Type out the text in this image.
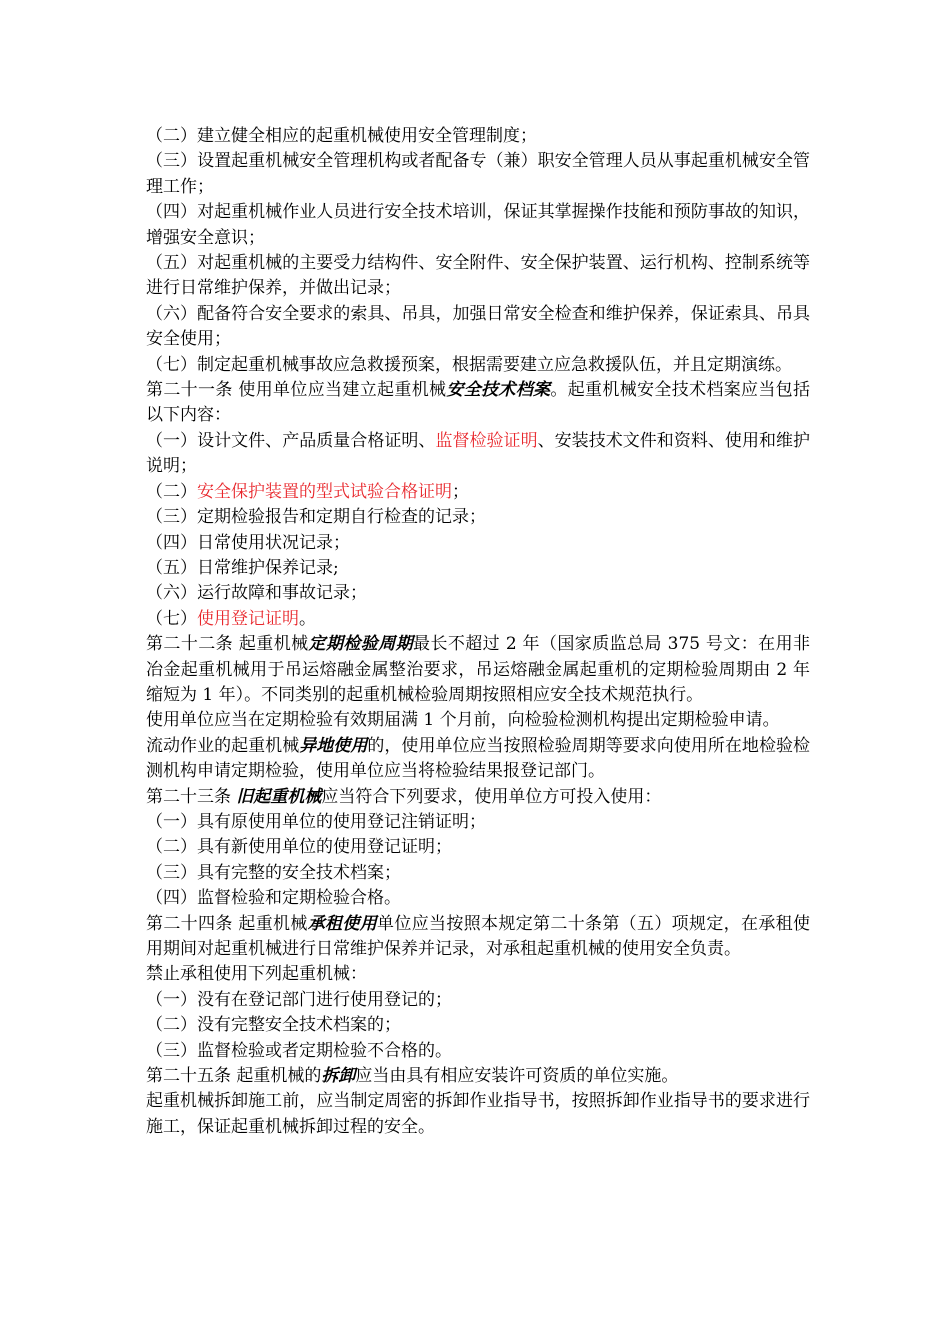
（二）建立健全相应的起重机械使用安全管理制度；

（三）设置起重机械安全管理机构或者配备专（兼）职安全管理人员从事起重机械安全管理工作；

（四）对起重机械作业人员进行安全技术培训，保证其掌握操作技能和预防事故的知识，增强安全意识；

（五）对起重机械的主要受力结构件、安全附件、安全保护装置、运行机构、控制系统等进行日常维护保养，并做出记录；

（六）配备符合安全要求的索具、吊具，加强日常安全检查和维护保养，保证索具、吊具安全使用；

（七）制定起重机械事故应急救援预案，根据需要建立应急救援队伍，并且定期演练。

第二十一条 使用单位应当建立起重机械安全技术档案。起重机械安全技术档案应当包括以下内容：

（一）设计文件、产品质量合格证明、监督检验证明、安装技术文件和资料、使用和维护说明；

（二）安全保护装置的型式试验合格证明；

（三）定期检验报告和定期自行检查的记录；

（四）日常使用状况记录；

（五）日常维护保养记录;

（六）运行故障和事故记录；

（七）使用登记证明。

第二十二条 起重机械定期检验周期最长不超过 2 年（国家质监总局 375 号文：在用非冶金起重机械用于吊运熔融金属整治要求，吊运熔融金属起重机的定期检验周期由 2 年缩短为 1 年）。不同类别的起重机械检验周期按照相应安全技术规范执行。

使用单位应当在定期检验有效期届满 1 个月前，向检验检测机构提出定期检验申请。

流动作业的起重机械异地使用的，使用单位应当按照检验周期等要求向使用所在地检验检测机构申请定期检验，使用单位应当将检验结果报登记部门。

第二十三条 旧起重机械应当符合下列要求，使用单位方可投入使用：

（一）具有原使用单位的使用登记注销证明；

（二）具有新使用单位的使用登记证明；

（三）具有完整的安全技术档案；

（四）监督检验和定期检验合格。

第二十四条 起重机械承租使用单位应当按照本规定第二十条第（五）项规定，在承租使用期间对起重机械进行日常维护保养并记录，对承租起重机械的使用安全负责。

禁止承租使用下列起重机械：

（一）没有在登记部门进行使用登记的；

（二）没有完整安全技术档案的；

（三）监督检验或者定期检验不合格的。

第二十五条 起重机械的拆卸应当由具有相应安装许可资质的单位实施。

起重机械拆卸施工前，应当制定周密的拆卸作业指导书，按照拆卸作业指导书的要求进行施工，保证起重机械拆卸过程的安全。
